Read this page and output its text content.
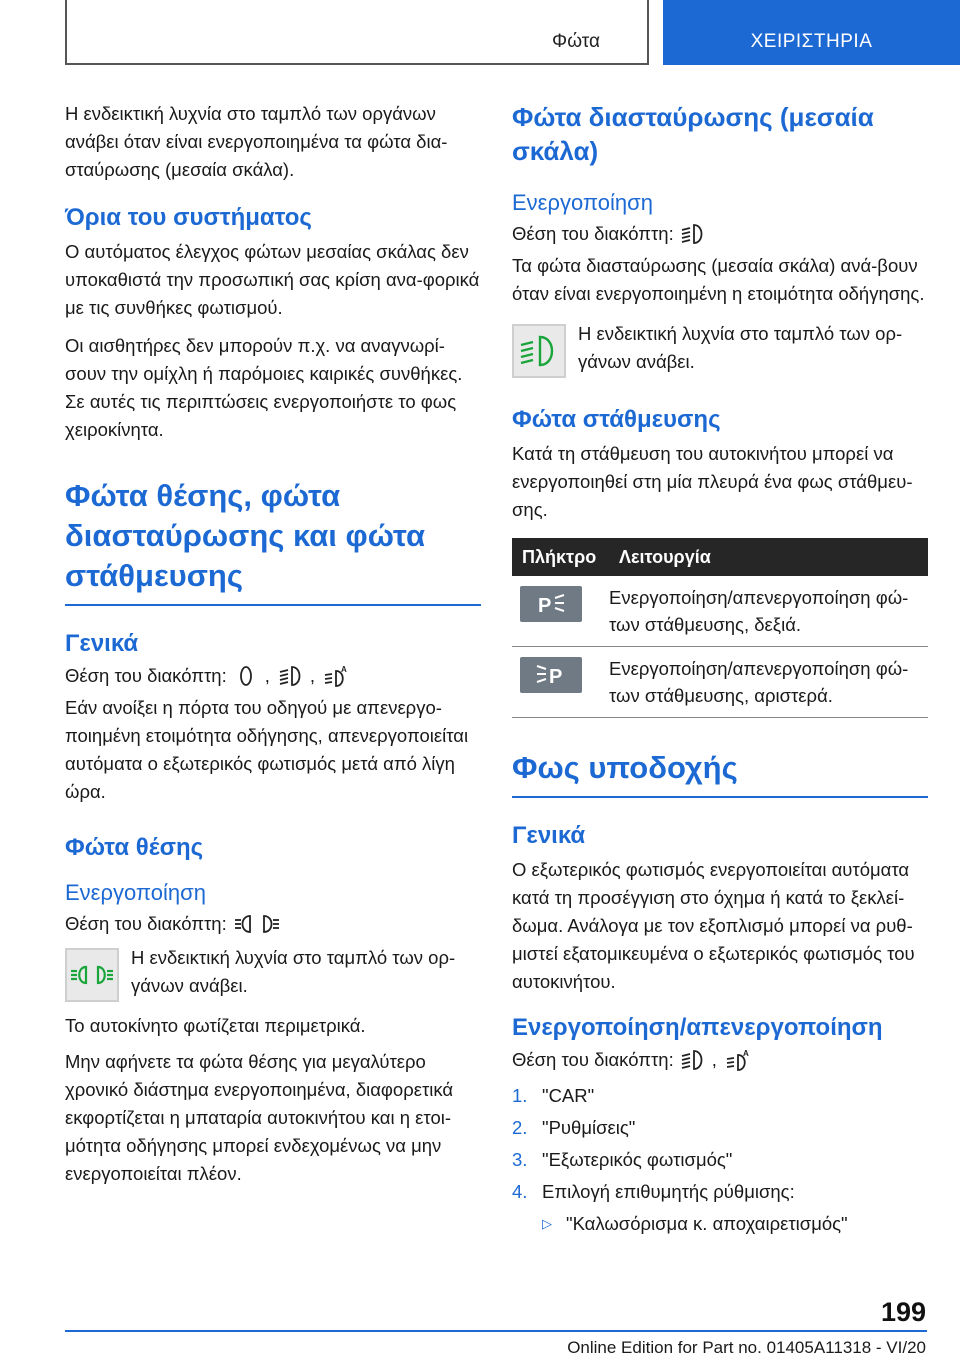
Φώτα	ΧΕΙΡΙΣΤΗΡΙΑ

Η ενδεικτική λυχνία στο ταμπλό των οργάνων ανάβει όταν είναι ενεργοποιημένα τα φώτα δια-σταύρωσης (μεσαία σκάλα).

Όρια του συστήματος

Ο αυτόματος έλεγχος φώτων μεσαίας σκάλας δεν υποκαθιστά την προσωπική σας κρίση ανα-φορικά με τις συνθήκες φωτισμού.

Οι αισθητήρες δεν μπορούν π.χ. να αναγνωρί-σουν την ομίχλη ή παρόμοιες καιρικές συνθήκες. Σε αυτές τις περιπτώσεις ενεργοποιήστε το φως χειροκίνητα.

Φώτα θέσης, φώτα διασταύρωσης και φώτα στάθμευσης
Γενικά
Θέση του διακόπτη: , ,	A

Εάν ανοίξει η πόρτα του οδηγού με απενεργο-ποιημένη ετοιμότητα οδήγησης, απενεργοποιείται αυτόματα ο εξωτερικός φωτισμός μετά από λίγη ώρα.

Φώτα θέσης
Ενεργοποίηση
Θέση του διακόπτη:

Η ενδεικτική λυχνία στο ταμπλό των ορ-γάνων ανάβει.

Το αυτοκίνητο φωτίζεται περιμετρικά.

Μην αφήνετε τα φώτα θέσης για μεγαλύτερο χρονικό διάστημα ενεργοποιημένα, διαφορετικά εκφορτίζεται η μπαταρία αυτοκινήτου και η ετοι-μότητα οδήγησης μπορεί ενδεχομένως να μην ενεργοποιείται πλέον.

Φώτα διασταύρωσης (μεσαία σκάλα)
Ενεργοποίηση
Θέση του διακόπτη:

Τα φώτα διασταύρωσης (μεσαία σκάλα) ανά-βουν όταν είναι ενεργοποιημένη η ετοιμότητα οδήγησης.

Η ενδεικτική λυχνία στο ταμπλό των ορ-γάνων ανάβει.

Φώτα στάθμευσης

Κατά τη στάθμευση του αυτοκινήτου μπορεί να ενεργοποιηθεί στη μία πλευρά ένα φως στάθμευ-σης.

Πλήκτρο	Λειτουργία

P	Ενεργοποίηση/απενεργοποίηση φώ-των στάθμευσης, δεξιά.

P	Ενεργοποίηση/απενεργοποίηση φώ-των στάθμευσης, αριστερά.
Φως υποδοχής
Γενικά

Ο εξωτερικός φωτισμός ενεργοποιείται αυτόματα κατά τη προσέγγιση στο όχημα ή κατά το ξεκλεί-δωμα. Ανάλογα με τον εξοπλισμό μπορεί να ρυθ-μιστεί εξατομικευμένα ο εξωτερικός φωτισμός του αυτοκινήτου.

Ενεργοποίηση/απενεργοποίηση
Θέση του διακόπτη: ,	A
1. "CAR"
2. "Ρυθμίσεις"
3. "Εξωτερικός φωτισμός"
4. Επιλογή επιθυμητής ρύθμισης:
▷ "Καλωσόρισμα κ. αποχαιρετισμός"
199
Online Edition for Part no. 01405A11318 - VI/20
